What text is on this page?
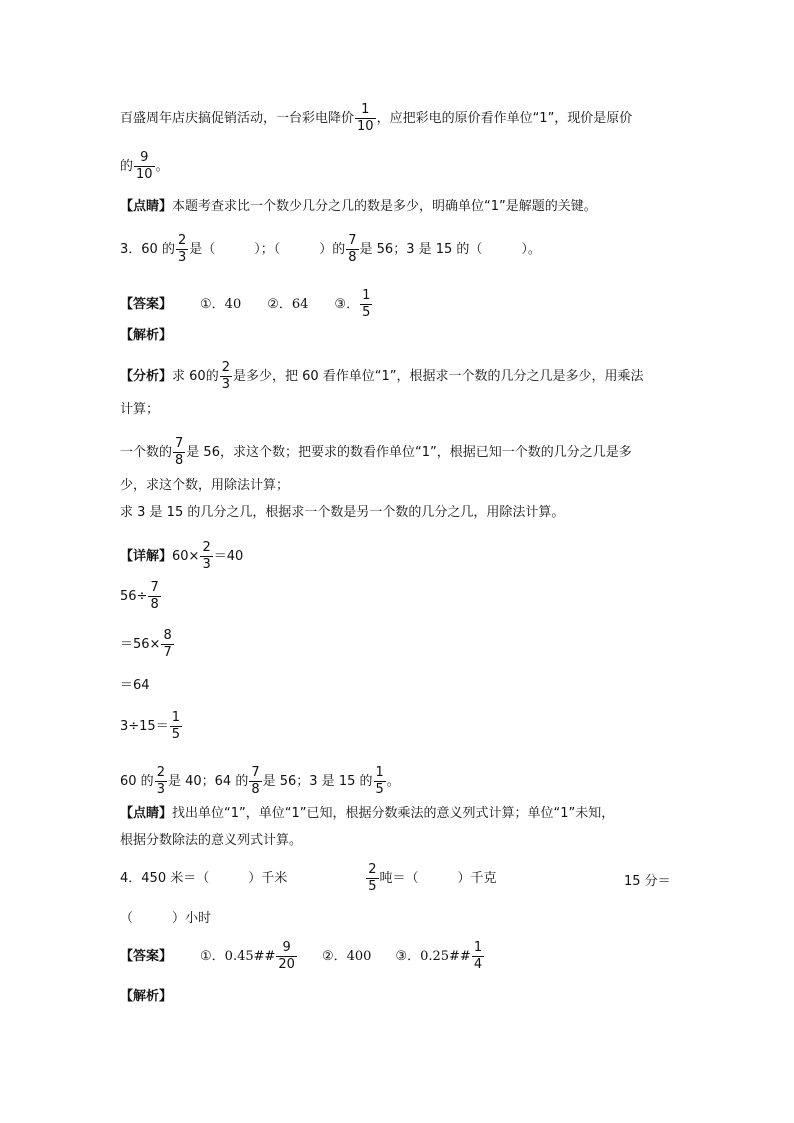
百盛周年店庆搞促销活动，一台彩电降价 $\frac{1}{10}$ ，应把彩电的原价看作单位“1”，现价是原价
的 $\frac{9}{10}$ 。
【点睛】本题考查求比一个数少几分之几的数是多少，明确单位“1”是解题的关键。
3．60 的 $\frac{2}{3}$ 是（　　　）；（　　　）的 $\frac{7}{8}$ 是 56；3 是 15 的（　　　）。
【答案】 ①．40 ②．64 ③． $\frac{1}{5}$
【解析】
【分析】求 60的 $\frac{2}{3}$ 是多少，把 60 看作单位“1”，根据求一个数的几分之几是多少，用乘法
计算；
一个数的 $\frac{7}{8}$ 是 56，求这个数；把要求的数看作单位“1”，根据已知一个数的几分之几是多
少，求这个数，用除法计算；
求 3 是 15 的几分之几，根据求一个数是另一个数的几分之几，用除法计算。
【详解】$60\times \frac{2}{3} =40$
$56\div \frac{7}{8}$
$=56\times \frac{8}{7}$
＝64
$3\div 15= \frac{1}{5}$
60 的 $\frac{2}{3}$ 是 40；64 的 $\frac{7}{8}$ 是 56；3 是 15 的 $\frac{1}{5}$ 。
【点睛】找出单位“1”，单位“1”已知，根据分数乘法的意义列式计算；单位“1”未知，
根据分数除法的意义列式计算。
4．450 米＝（　　　）千米	$\frac{2}{5}$ 吨＝（　　　）千克	15 分＝
（　　　）小时
【答案】 ①．0.45## $\frac{9}{20}$ ②．400 ③．0.25## $\frac{1}{4}$
【解析】
